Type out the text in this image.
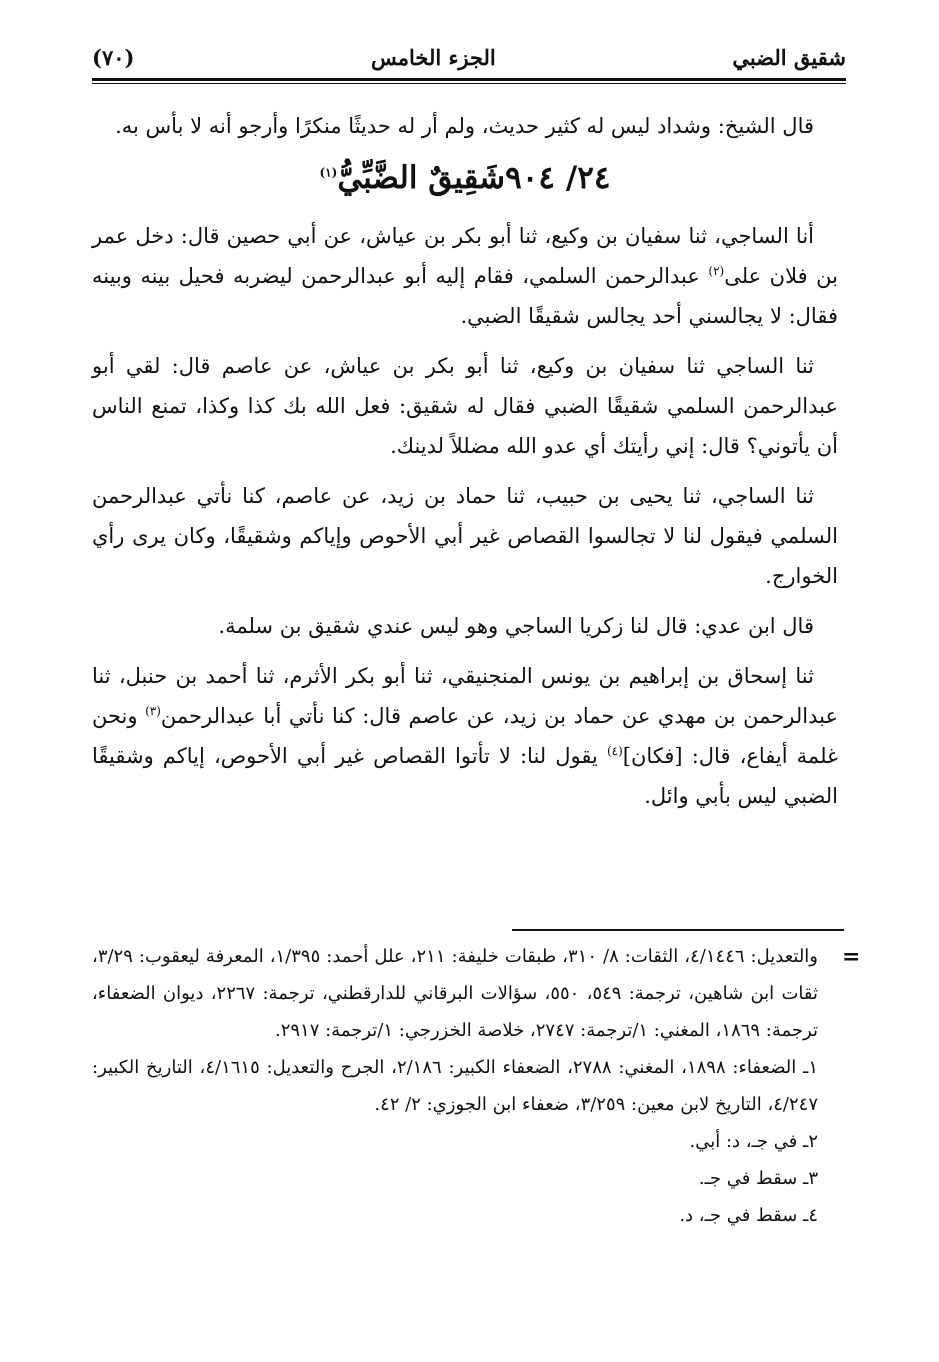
شقيق الضبي
الجزء الخامس
(٧٠)

قال الشيخ: وشداد ليس له كثير حديث، ولم أر له حديثًا منكرًا وأرجو أنه لا بأس به.

٢٤/ ٩٠٤شَقِيقٌ الضَّبِّيُّ$^{(١)}$

أنا الساجي، ثنا سفيان بن وكيع، ثنا أبو بكر بن عياش، عن أبي حصين قال: دخل عمر بن فلان على$^{(٢)}$ عبدالرحمن السلمي، فقام إليه أبو عبدالرحمن ليضربه فحيل بينه وبينه فقال: لا يجالسني أحد يجالس شقيقًا الضبي.

ثنا الساجي ثنا سفيان بن وكيع، ثنا أبو بكر بن عياش، عن عاصم قال: لقي أبو عبدالرحمن السلمي شقيقًا الضبي فقال له شقيق: فعل الله بك كذا وكذا، تمنع الناس أن يأتوني؟ قال: إني رأيتك أي عدو الله مضللاً لدينك.

ثنا الساجي، ثنا يحيى بن حبيب، ثنا حماد بن زيد، عن عاصم، كنا نأتي عبدالرحمن السلمي فيقول لنا لا تجالسوا القصاص غير أبي الأحوص وإياكم وشقيقًا، وكان يرى رأي الخوارج.

قال ابن عدي: قال لنا زكريا الساجي وهو ليس عندي شقيق بن سلمة.

ثنا إسحاق بن إبراهيم بن يونس المنجنيقي، ثنا أبو بكر الأثرم، ثنا أحمد بن حنبل، ثنا عبدالرحمن بن مهدي عن حماد بن زيد، عن عاصم قال: كنا نأتي أبا عبدالرحمن$^{(٣)}$ ونحن غلمة أيفاع، قال: [فكان]$^{(٤)}$ يقول لنا: لا تأتوا القصاص غير أبي الأحوص، إياكم وشقيقًا الضبي ليس بأبي وائل.

=

والتعديل: ٤/١٤٤٦، الثقات: ٨/ ٣١٠، طبقات خليفة: ٢١١، علل أحمد: ١/٣٩٥، المعرفة ليعقوب: ٣/٢٩، ثقات ابن شاهين، ترجمة: ٥٤٩، ٥٥٠، سؤالات البرقاني للدارقطني، ترجمة: ٢٢٦٧، ديوان الضعفاء، ترجمة: ١٨٦٩، المغني: ١/ترجمة: ٢٧٤٧، خلاصة الخزرجي: ١/ترجمة: ٢٩١٧.

١ـ الضعفاء: ١٨٩٨، المغني: ٢٧٨٨، الضعفاء الكبير: ٢/١٨٦، الجرح والتعديل: ٤/١٦١٥، التاريخ الكبير: ٤/٢٤٧، التاريخ لابن معين: ٣/٢٥٩، ضعفاء ابن الجوزي: ٢/ ٤٢.

٢ـ في جـ، د: أبي.

٣ـ سقط في جـ.

٤ـ سقط في جـ، د.
